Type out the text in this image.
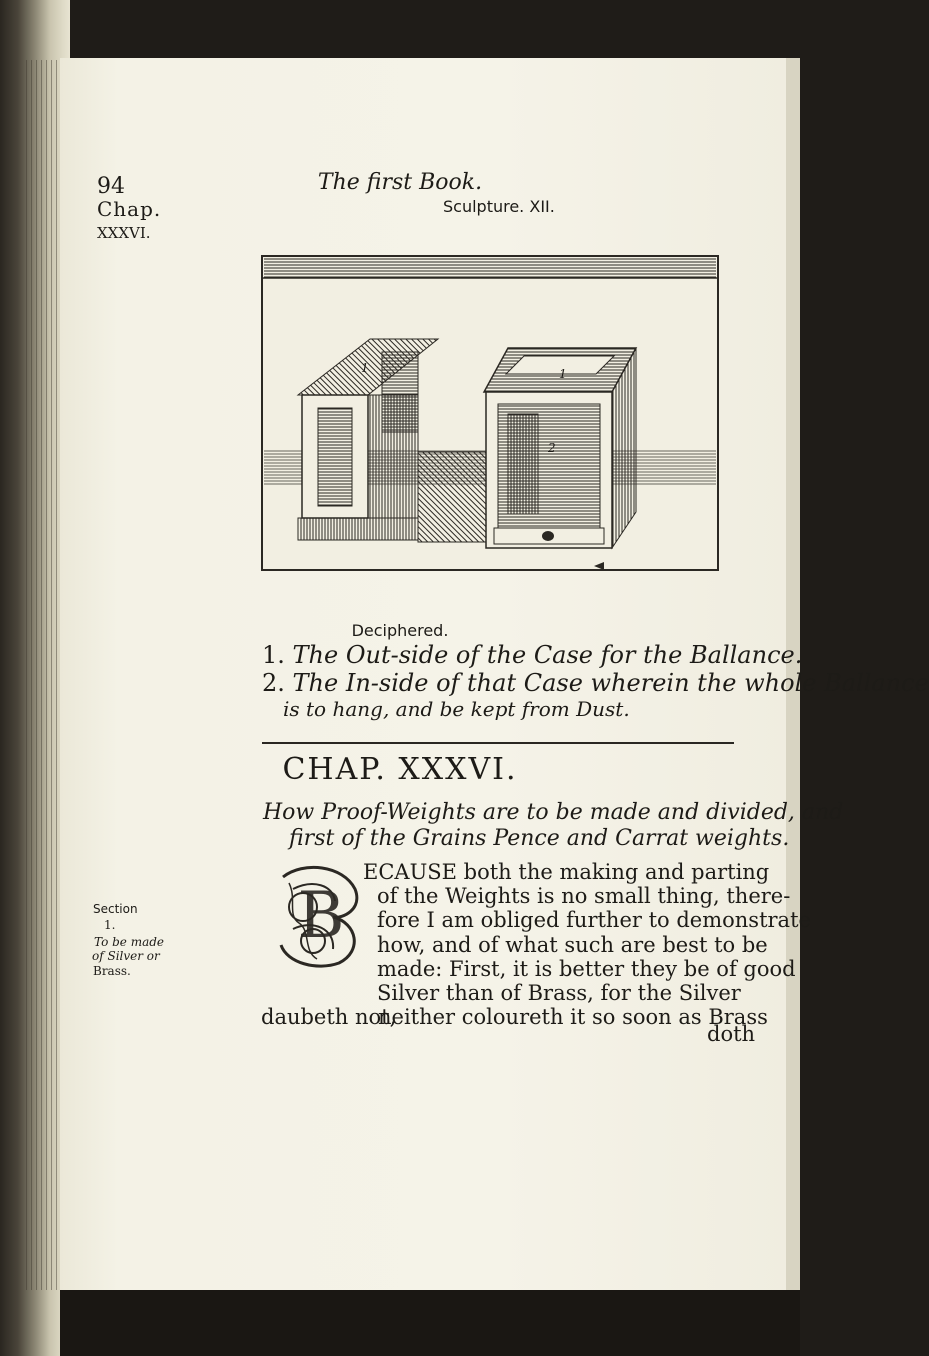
94	The first Book.
Chap.
XXXVI.
Sculpture. XII.
1	1
2
Deciphered.
1. The Out-side of the Case for the Ballance.
2. The In-side of that Case wherein the whole Ballance
is to hang, and be kept from Dust.
CHAP. XXXVI.
How Proof-Weights are to be made and divided, and
first of the Grains Pence and Carrat weights.
Section
1.
To be made
of Silver or
Brass.
B
ECAUSE both the making and parting
of the Weights is no small thing, there-
fore I am obliged further to demonstrate
how, and of what such are best to be
made: First, it is better they be of good
Silver than of Brass, for the Silver
daubeth not,
neither coloureth it so soon as Brass
doth
